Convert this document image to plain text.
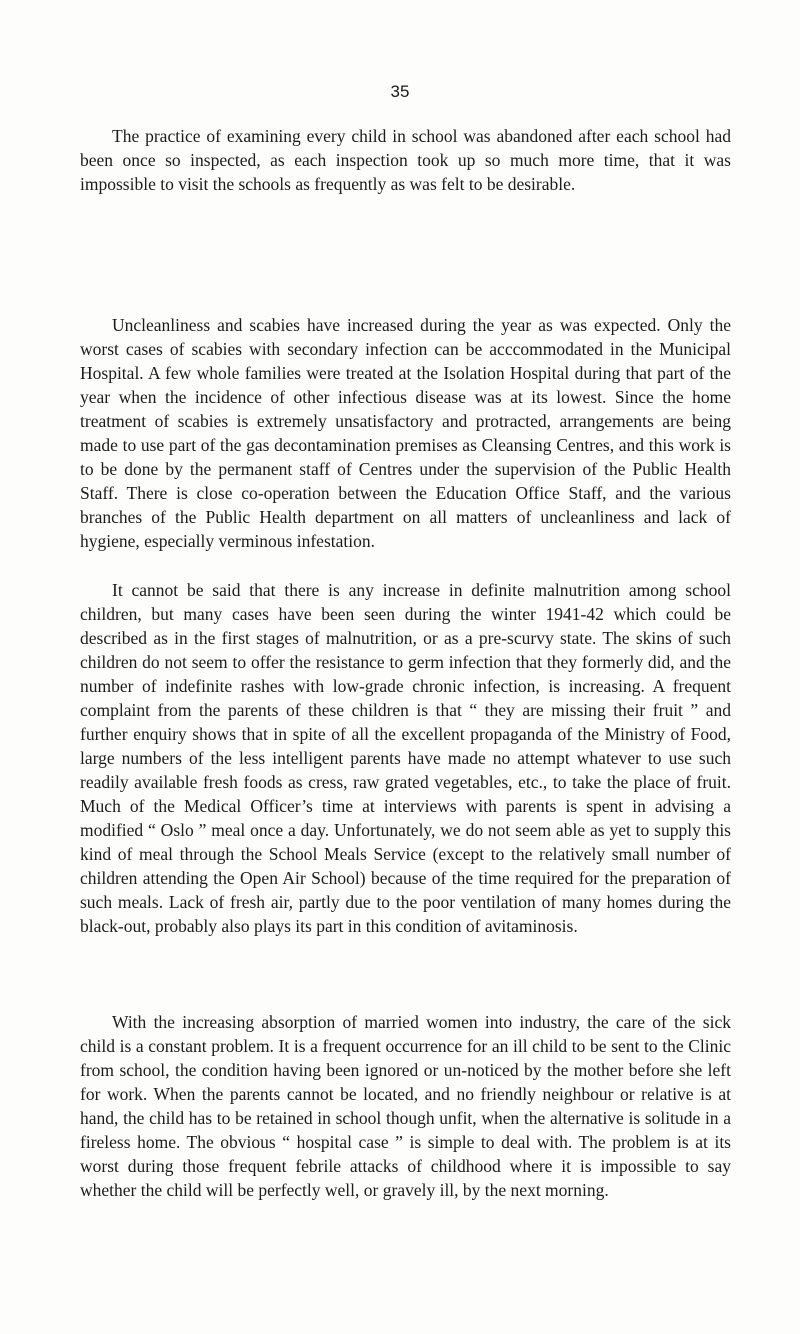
35

The practice of examining every child in school was abandoned after each school had been once so inspected, as each inspection took up so much more time, that it was impossible to visit the schools as frequently as was felt to be desirable.

Uncleanliness and scabies have increased during the year as was expected. Only the worst cases of scabies with secondary infection can be acccommodated in the Municipal Hospital. A few whole families were treated at the Isolation Hospital during that part of the year when the incidence of other infectious disease was at its lowest. Since the home treatment of scabies is extremely unsatisfactory and protracted, arrangements are being made to use part of the gas decontamination premises as Cleansing Centres, and this work is to be done by the permanent staff of Centres under the supervision of the Public Health Staff. There is close co-operation between the Education Office Staff, and the various branches of the Public Health department on all matters of uncleanliness and lack of hygiene, especially verminous infestation.

It cannot be said that there is any increase in definite malnutrition among school children, but many cases have been seen during the winter 1941-42 which could be described as in the first stages of malnutrition, or as a pre-scurvy state. The skins of such children do not seem to offer the resistance to germ infection that they formerly did, and the number of indefinite rashes with low-grade chronic infection, is increasing. A frequent complaint from the parents of these children is that “ they are missing their fruit ” and further enquiry shows that in spite of all the excellent propaganda of the Ministry of Food, large numbers of the less intelligent parents have made no attempt whatever to use such readily available fresh foods as cress, raw grated vegetables, etc., to take the place of fruit. Much of the Medical Officer’s time at interviews with parents is spent in advising a modified “ Oslo ” meal once a day. Unfortunately, we do not seem able as yet to supply this kind of meal through the School Meals Service (except to the relatively small number of children attending the Open Air School) because of the time required for the preparation of such meals. Lack of fresh air, partly due to the poor ventilation of many homes during the black-out, probably also plays its part in this condition of avitaminosis.

With the increasing absorption of married women into industry, the care of the sick child is a constant problem. It is a frequent occurrence for an ill child to be sent to the Clinic from school, the condition having been ignored or un-noticed by the mother before she left for work. When the parents cannot be located, and no friendly neighbour or relative is at hand, the child has to be retained in school though unfit, when the alternative is solitude in a fireless home. The obvious “ hospital case ” is simple to deal with. The problem is at its worst during those frequent febrile attacks of childhood where it is impossible to say whether the child will be perfectly well, or gravely ill, by the next morning.
